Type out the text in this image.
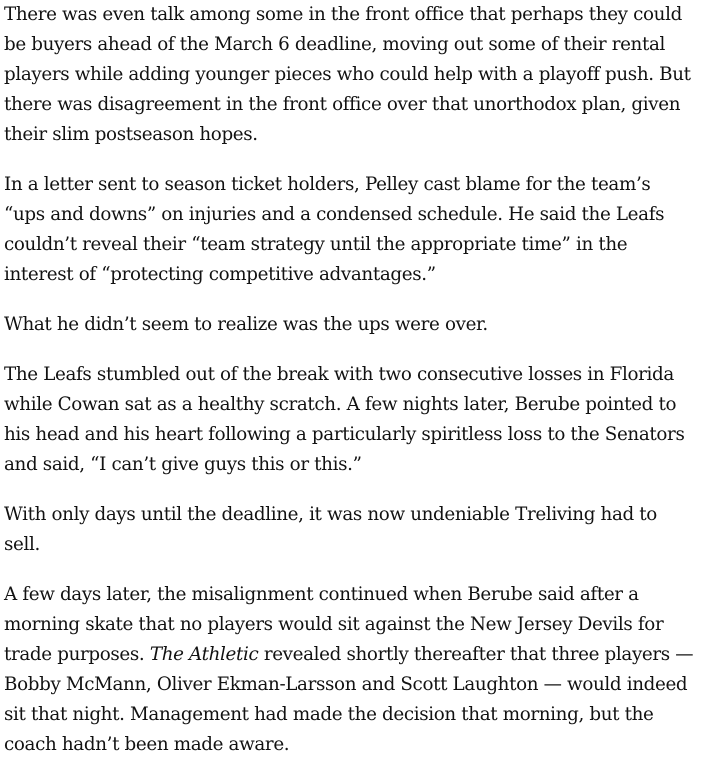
There was even talk among some in the front office that perhaps they could be buyers ahead of the March 6 deadline, moving out some of their rental players while adding younger pieces who could help with a playoff push. But there was disagreement in the front office over that unorthodox plan, given their slim postseason hopes.

In a letter sent to season ticket holders, Pelley cast blame for the team’s “ups and downs” on injuries and a condensed schedule. He said the Leafs couldn’t reveal their “team strategy until the appropriate time” in the interest of “protecting competitive advantages.”

What he didn’t seem to realize was the ups were over.

The Leafs stumbled out of the break with two consecutive losses in Florida while Cowan sat as a healthy scratch. A few nights later, Berube pointed to his head and his heart following a particularly spiritless loss to the Senators and said, “I can’t give guys this or this.”

With only days until the deadline, it was now undeniable Treliving had to sell.

A few days later, the misalignment continued when Berube said after a morning skate that no players would sit against the New Jersey Devils for trade purposes. The Athletic revealed shortly thereafter that three players — Bobby McMann, Oliver Ekman-Larsson and Scott Laughton — would indeed sit that night. Management had made the decision that morning, but the coach hadn’t been made aware.
